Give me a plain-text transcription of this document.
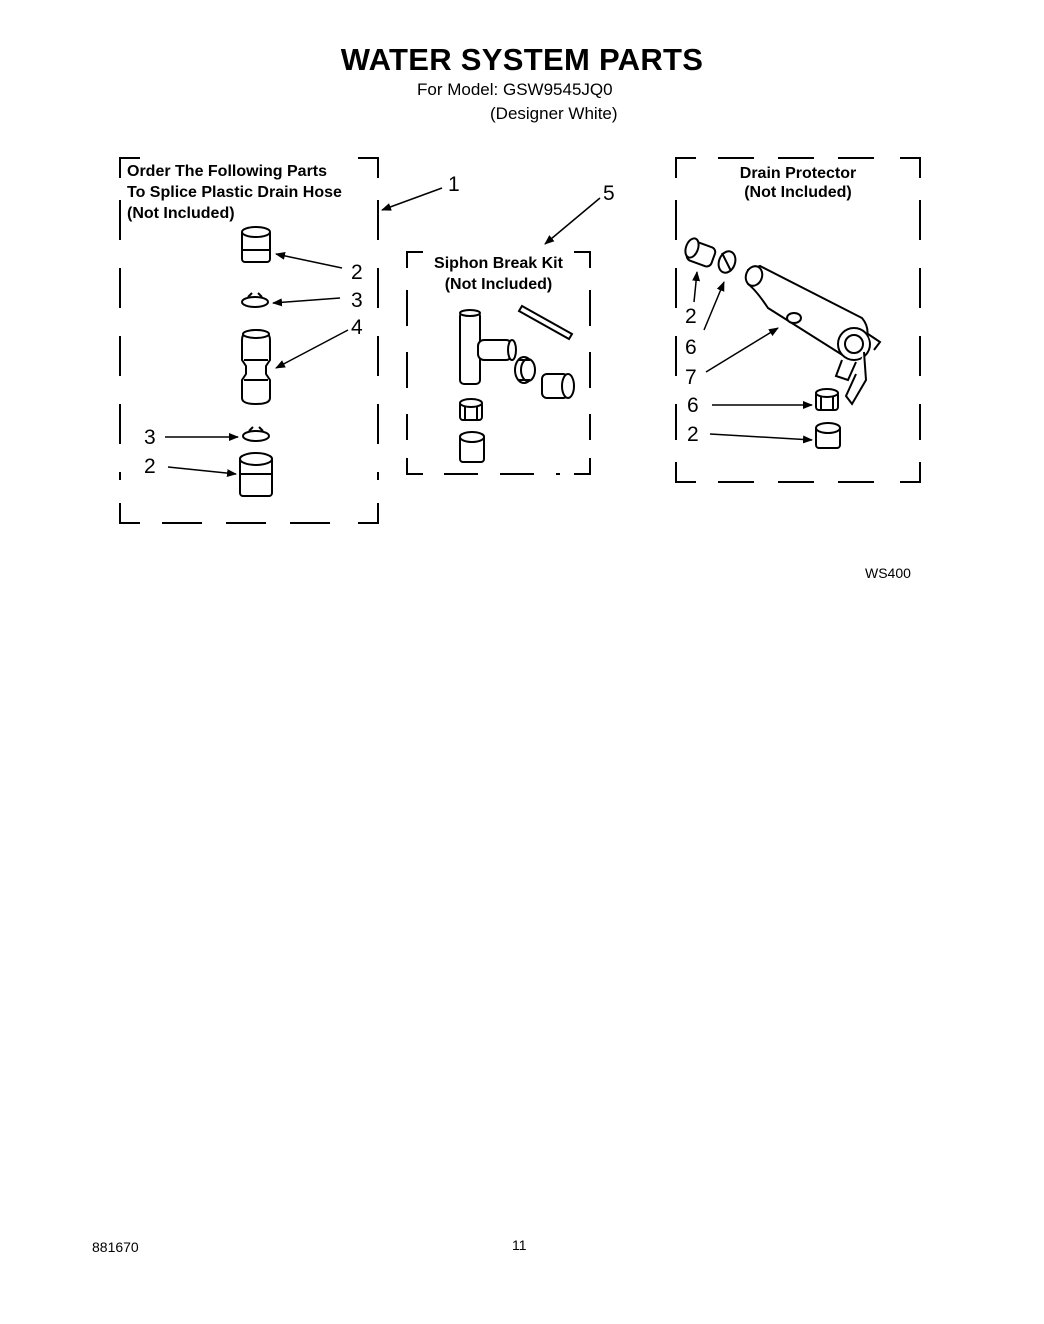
WATER SYSTEM PARTS
For Model: GSW9545JQ0
(Designer White)
Order The Following Parts
To Splice Plastic Drain Hose
(Not Included)
Siphon Break Kit
(Not Included)
Drain Protector
(Not Included)
1
2
3
4
3
2
5
2
6
7
6
2
WS400
881670	11
